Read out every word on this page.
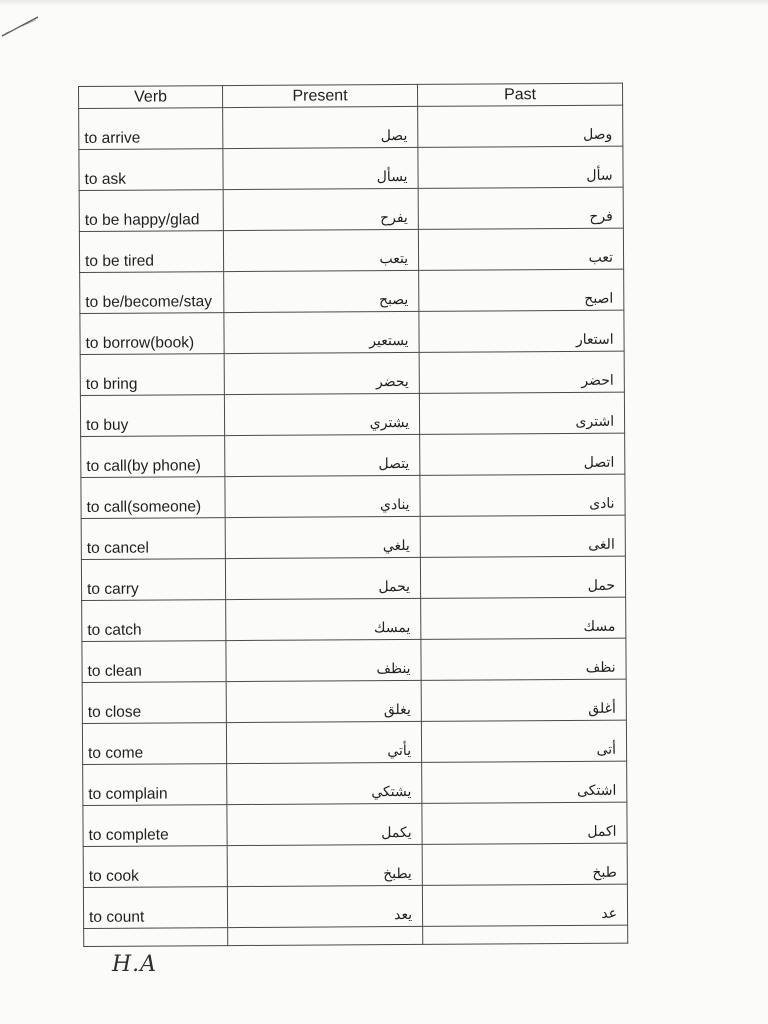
Verb	Present	Past
to arrive	يصل	وصل
to ask	يسأل	سأل
to be happy/glad	يفرح	فرح
to be tired	يتعب	تعب
to be/become/stay	يصبح	اصبح
to borrow(book)	يستعير	استعار
to bring	يحضر	احضر
to buy	يشتري	اشترى
to call(by phone)	يتصل	اتصل
to call(someone)	ينادي	نادى
to cancel	يلغي	الغى
to carry	يحمل	حمل
to catch	يمسك	مسك
to clean	ينظف	نظف
to close	يغلق	أغلق
to come	يأتي	أتى
to complain	يشتكي	اشتكى
to complete	يكمل	اكمل
to cook	يطبخ	طبخ
to count	يعد	عد

H.A
